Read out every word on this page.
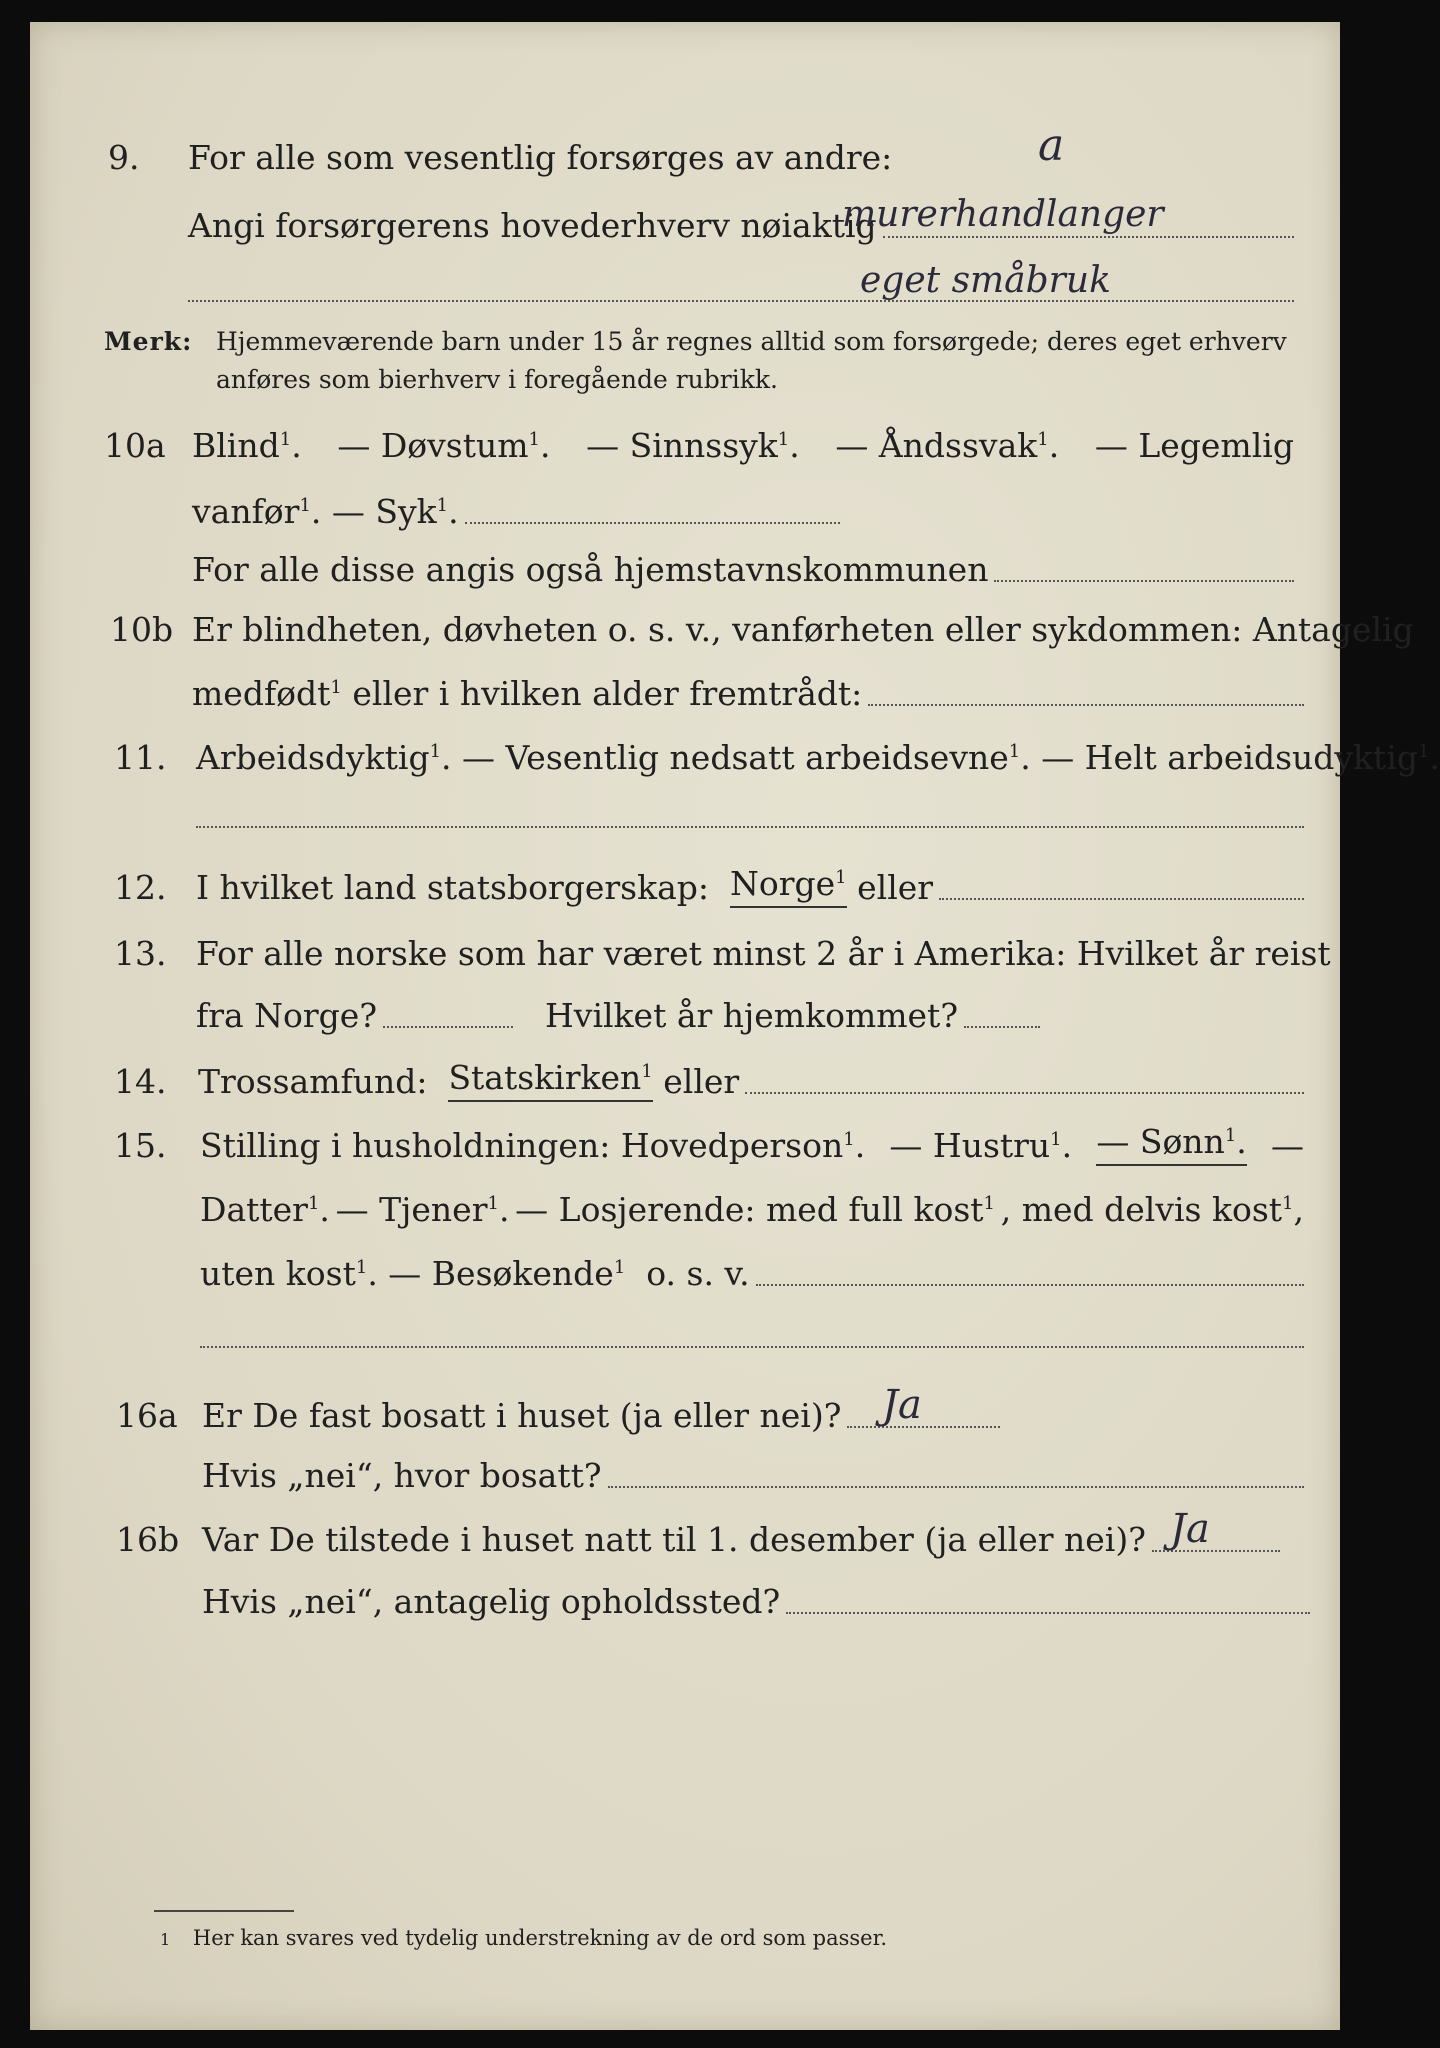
9. For alle som vesentlig forsørges av andre:	a
Angi forsørgerens hovederhverv nøiaktig
murerhandlanger
eget småbruk
Merk: Hjemmeværende barn under 15 år regnes alltid som forsørgede; deres eget erhverv
anføres som bierhverv i foregående rubrikk.
10a Blind$^1$. — Døvstum$^1$. — Sinnssyk$^1$. — Åndssvak$^1$. — Legemlig
vanfør$^1$. — Syk$^1$.
For alle disse angis også hjemstavnskommunen
10b Er blindheten, døvheten o. s. v., vanførheten eller sykdommen: Antagelig
medfødt$^1$ eller i hvilken alder fremtrådt:
11. Arbeidsdyktig$^1$. — Vesentlig nedsatt arbeidsevne$^1$. — Helt arbeidsudyktig$^1$.
12. I hvilket land statsborgerskap:
Norge$^1$
eller
13. For alle norske som har været minst 2 år i Amerika: Hvilket år reist
fra Norge?	Hvilket år hjemkommet?
14. Trossamfund:
Statskirken$^1$
eller
15. Stilling i husholdningen: Hovedperson$^1$. — Hustru$^1$. — Sønn$^1$. —
Datter$^1$. — Tjener$^1$. — Losjerende: med full kost$^1$ , med delvis kost$^1$,
uten kost$^1$. — Besøkende$^1$ o. s. v.
16a Er De fast bosatt i huset (ja eller nei)? Ja
Hvis „nei“, hvor bosatt?
16b Var De tilstede i huset natt til 1. desember (ja eller nei)? Ja
Hvis „nei“, antagelig opholdssted?
1 Her kan svares ved tydelig understrekning av de ord som passer.
